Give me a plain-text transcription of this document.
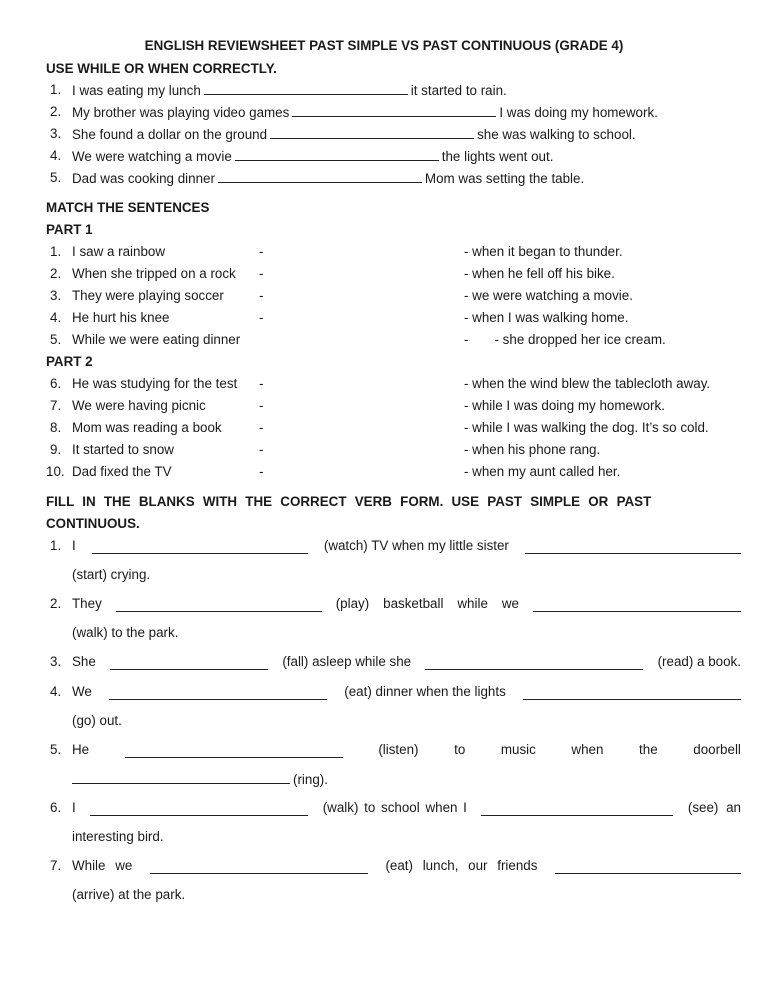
ENGLISH REVIEWSHEET PAST SIMPLE VS PAST CONTINUOUS (GRADE 4)
USE WHILE OR WHEN CORRECTLY.
1. I was eating my lunch	it started to rain.
2. My brother was playing video games	I was doing my homework.
3. She found a dollar on the ground	she was walking to school.
4. We were watching a movie	the lights went out.
5. Dad was cooking dinner	Mom was setting the table.
MATCH THE SENTENCES
PART 1
1. I saw a rainbow	-	- when it began to thunder.
2. When she tripped on a rock -	- when he fell off his bike.
3. They were playing soccer	-	- we were watching a movie.
4. He hurt his knee	-	- when I was walking home.
5. While we were eating dinner	-       - she dropped her ice cream.
PART 2
6. He was studying for the test -	- when the wind blew the tablecloth away.
7. We were having picnic	-	- while I was doing my homework.
8. Mom was reading a book	-	- while I was walking the dog. It’s so cold.
9. It started to snow	-	- when his phone rang.
10. Dad fixed the TV	-	- when my aunt called her.
FILL IN THE BLANKS WITH THE CORRECT VERB FORM. USE PAST SIMPLE OR PAST
CONTINUOUS.
1. I	(watch) TV when my little sister
(start) crying.
2. They	(play) basketball while we
(walk) to the park.
3. She	(fall) asleep while she	(read) a book.
4. We	(eat) dinner when the lights
(go) out.
5. He	(listen)	to	music	when	the	doorbell
(ring).
6. I	(walk) to school when I	(see) an
interesting bird.
7. While we	(eat) lunch, our friends
(arrive) at the park.
